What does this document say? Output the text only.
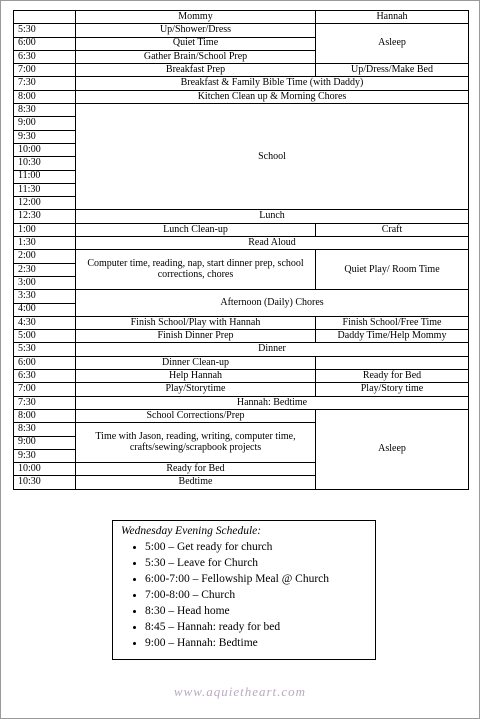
	Mommy	Hannah
5:30	Up/Shower/Dress	Asleep
6:00	Quiet Time	
6:30	Gather Brain/School Prep	
7:00	Breakfast Prep	Up/Dress/Make Bed
7:30	Breakfast & Family Bible Time (with Daddy)	
8:00	Kitchen Clean up & Morning Chores	
8:30	School	
9:00		
9:30		
10:00		
10:30		
11:00		
11:30		
12:00		
12:30	Lunch	
1:00	Lunch Clean-up	Craft
1:30	Read Aloud	
2:00	Computer time, reading, nap, start dinner prep, school corrections, chores	Quiet Play/ Room Time
2:30		
3:00		
3:30	Afternoon (Daily) Chores	
4:00		
4:30	Finish School/Play with Hannah	Finish School/Free Time
5:00	Finish Dinner Prep	Daddy Time/Help Mommy
5:30	Dinner	
6:00	Dinner Clean-up	
6:30	Help Hannah	Ready for Bed
7:00	Play/Storytime	Play/Story time
7:30	Hannah: Bedtime	
8:00	School Corrections/Prep	Asleep
8:30	Time with Jason, reading, writing, computer time, crafts/sewing/scrapbook projects	
9:00		
9:30		
10:00	Ready for Bed	
10:30	Bedtime	
Wednesday Evening Schedule:
• 5:00 – Get ready for church
• 5:30 – Leave for Church
• 6:00-7:00 – Fellowship Meal @ Church
• 7:00-8:00 – Church
• 8:30 – Head home
• 8:45 – Hannah: ready for bed
• 9:00 – Hannah: Bedtime
www.aquietheart.com
